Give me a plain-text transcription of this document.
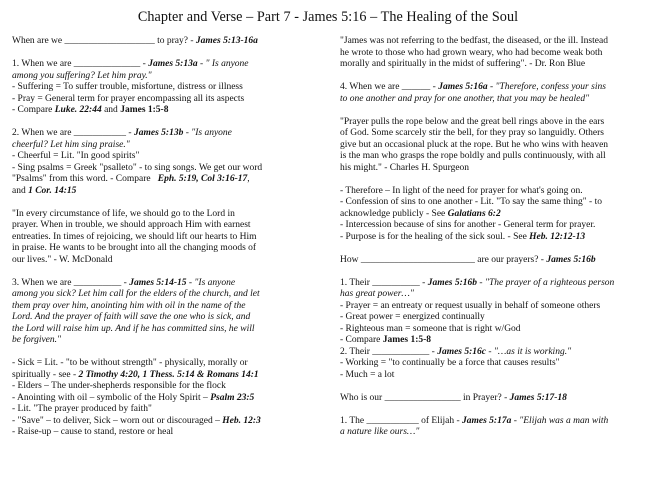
Chapter and Verse – Part 7 - James 5:16 – The Healing of the Soul

When are we ___________________ to pray? - James 5:13-16a

1. When we are ______________ - James 5:13a - " Is anyone

among you suffering? Let him pray."

- Suffering = To suffer trouble, misfortune, distress or illness

- Pray = General term for prayer encompassing all its aspects

- Compare Luke. 22:44 and James 1:5-8

2. When we are ___________ - James 5:13b - "Is anyone

cheerful? Let him sing praise."

- Cheerful = Lit. "In good spirits"

- Sing psalms = Greek "psalleto" - to sing songs. We get our word

"Psalms" from this word. - Compare Eph. 5:19, Col 3:16-17,

and 1 Cor. 14:15

"In every circumstance of life, we should go to the Lord in

prayer. When in trouble, we should approach Him with earnest

entreaties. In times of rejoicing, we should lift our hearts to Him

in praise. He wants to be brought into all the changing moods of

our lives." - W. McDonald

3. When we are __________ - James 5:14-15 - "Is anyone

among you sick? Let him call for the elders of the church, and let

them pray over him, anointing him with oil in the name of the

Lord. And the prayer of faith will save the one who is sick, and

the Lord will raise him up. And if he has committed sins, he will

be forgiven."

- Sick = Lit. - "to be without strength" - physically, morally or

spiritually - see - 2 Timothy 4:20, 1 Thess. 5:14 & Romans 14:1

- Elders – The under-shepherds responsible for the flock

- Anointing with oil – symbolic of the Holy Spirit – Psalm 23:5

- Lit. "The prayer produced by faith"

- "Save" – to deliver, Sick – worn out or discouraged – Heb. 12:3

- Raise-up – cause to stand, restore or heal

"James was not referring to the bedfast, the diseased, or the ill. Instead

he wrote to those who had grown weary, who had become weak both

morally and spiritually in the midst of suffering". - Dr. Ron Blue

4. When we are ______ - James 5:16a - "Therefore, confess your sins

to one another and pray for one another, that you may be healed"

"Prayer pulls the rope below and the great bell rings above in the ears

of God. Some scarcely stir the bell, for they pray so languidly. Others

give but an occasional pluck at the rope. But he who wins with heaven

is the man who grasps the rope boldly and pulls continuously, with all

his might." - Charles H. Spurgeon

- Therefore – In light of the need for prayer for what's going on.

- Confession of sins to one another - Lit. "To say the same thing" - to

acknowledge publicly - See Galatians 6:2

- Intercession because of sins for another - General term for prayer.

- Purpose is for the healing of the sick soul. - See Heb. 12:12-13

How ________________________ are our prayers? - James 5:16b

1. Their __________ - James 5:16b - "The prayer of a righteous person

has great power…"

- Prayer = an entreaty or request usually in behalf of someone others

- Great power = energized continually

- Righteous man = someone that is right w/God

- Compare James 1:5-8

2. Their ____________ - James 5:16c - "…as it is working."

- Working = "to continually be a force that causes results"

- Much = a lot

Who is our ________________ in Prayer? - James 5:17-18

1. The ___________ of Elijah - James 5:17a - "Elijah was a man with

a nature like ours…"
